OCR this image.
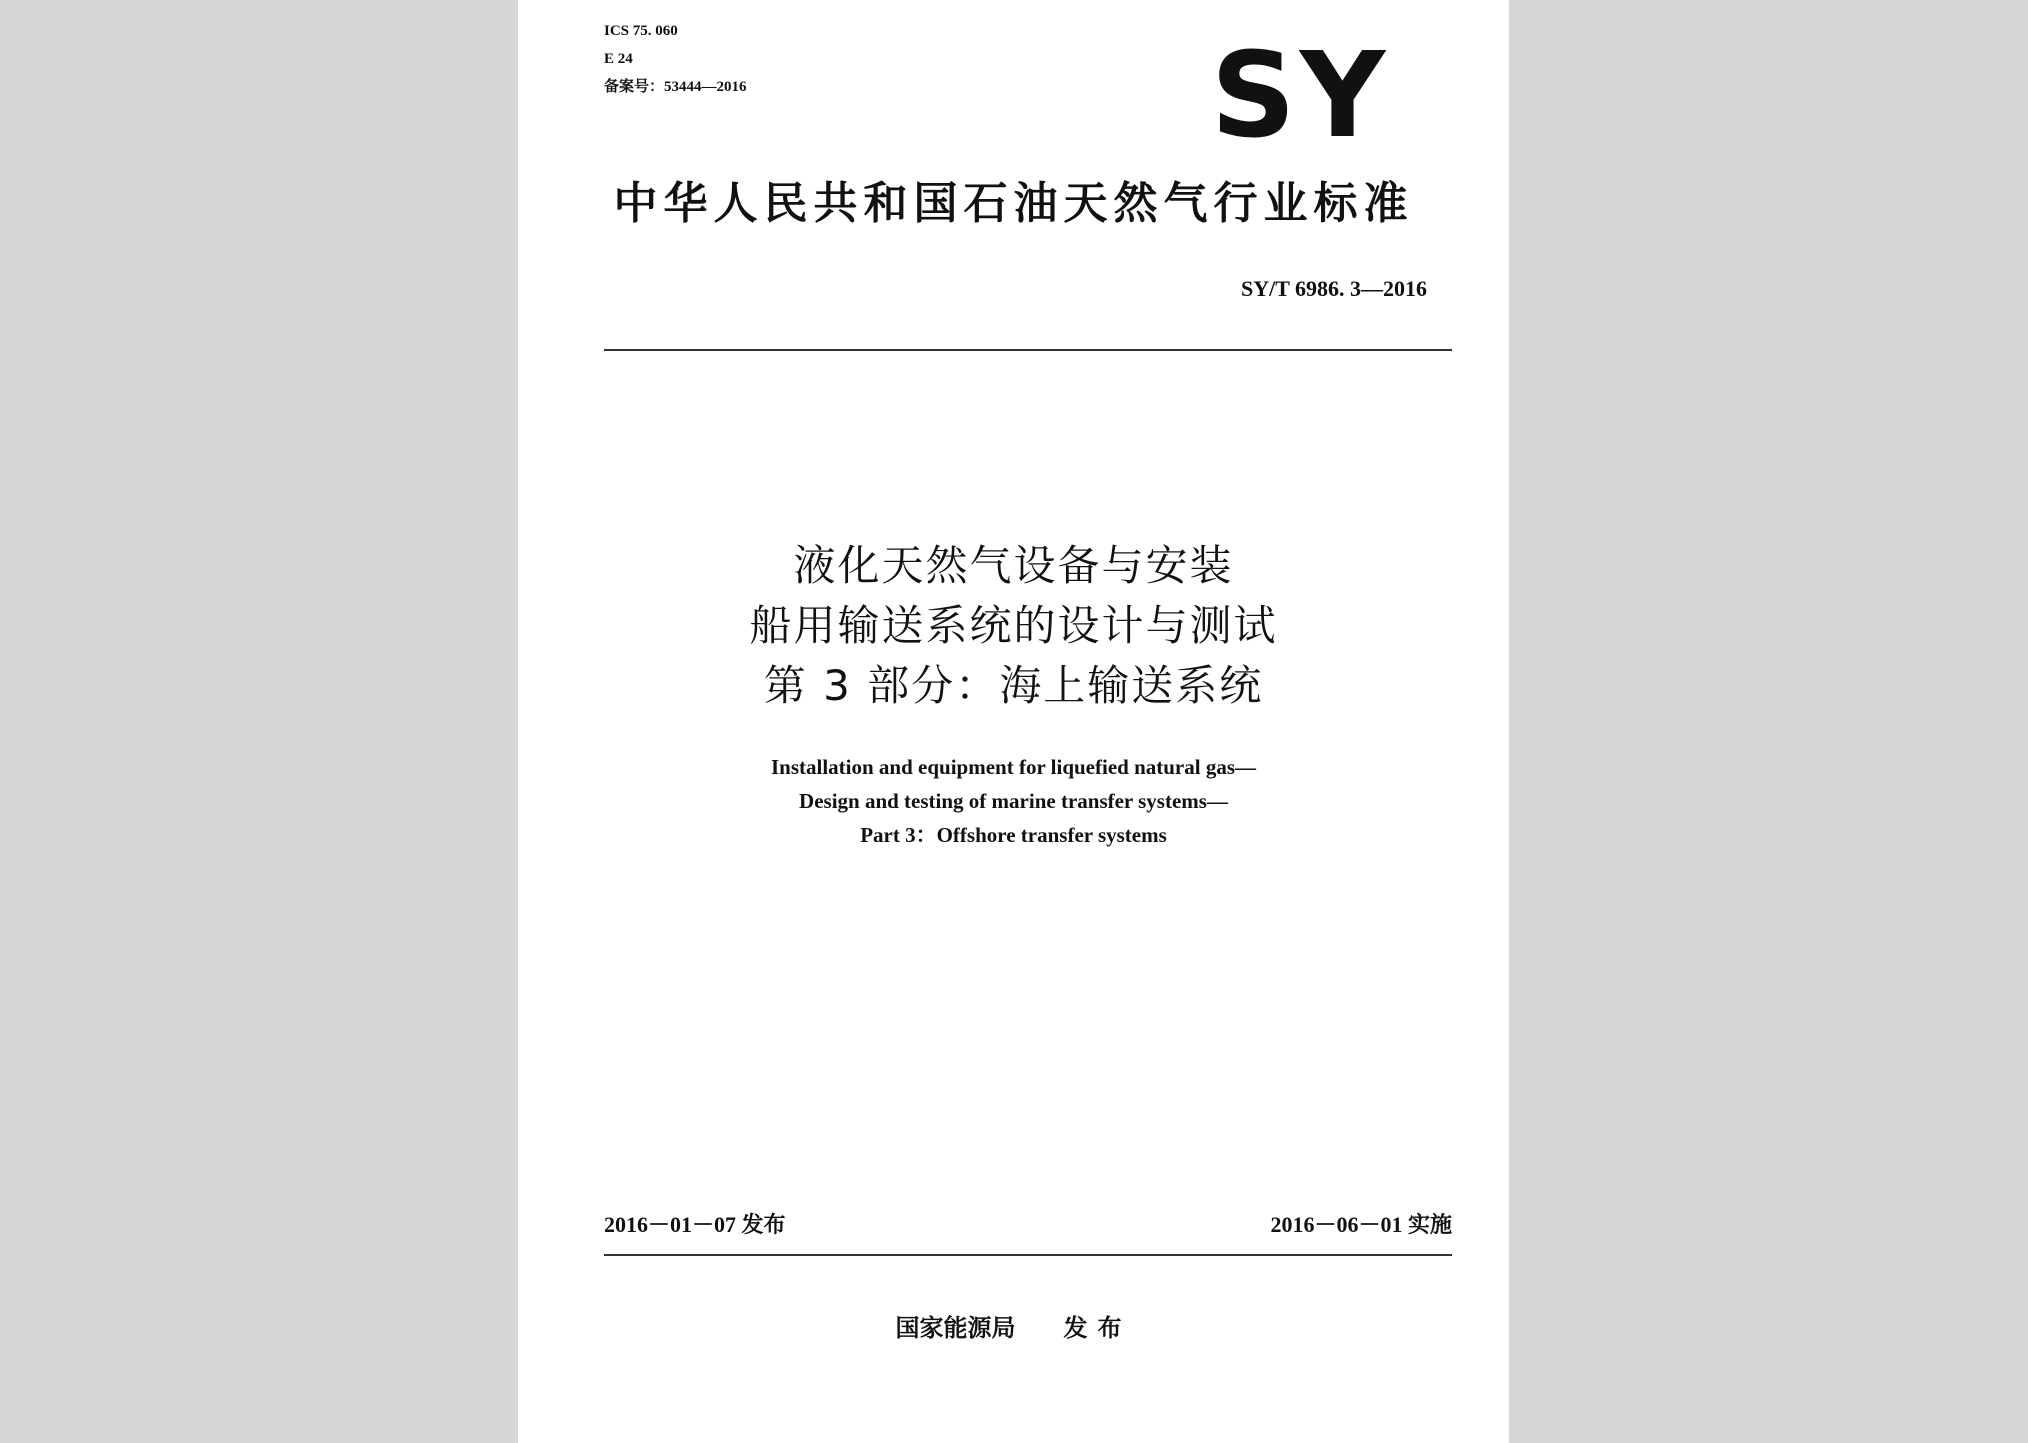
ICS 75. 060
E 24
备案号：53444—2016	SY
中华人民共和国石油天然气行业标准
SY/T 6986. 3—2016
液化天然气设备与安装
船用输送系统的设计与测试
第 3 部分：海上输送系统
Installation and equipment for liquefied natural gas—
Design and testing of marine transfer systems—
Part 3：Offshore transfer systems
2016－01－07 发布	2016－06－01 实施
国家能源局 发布
